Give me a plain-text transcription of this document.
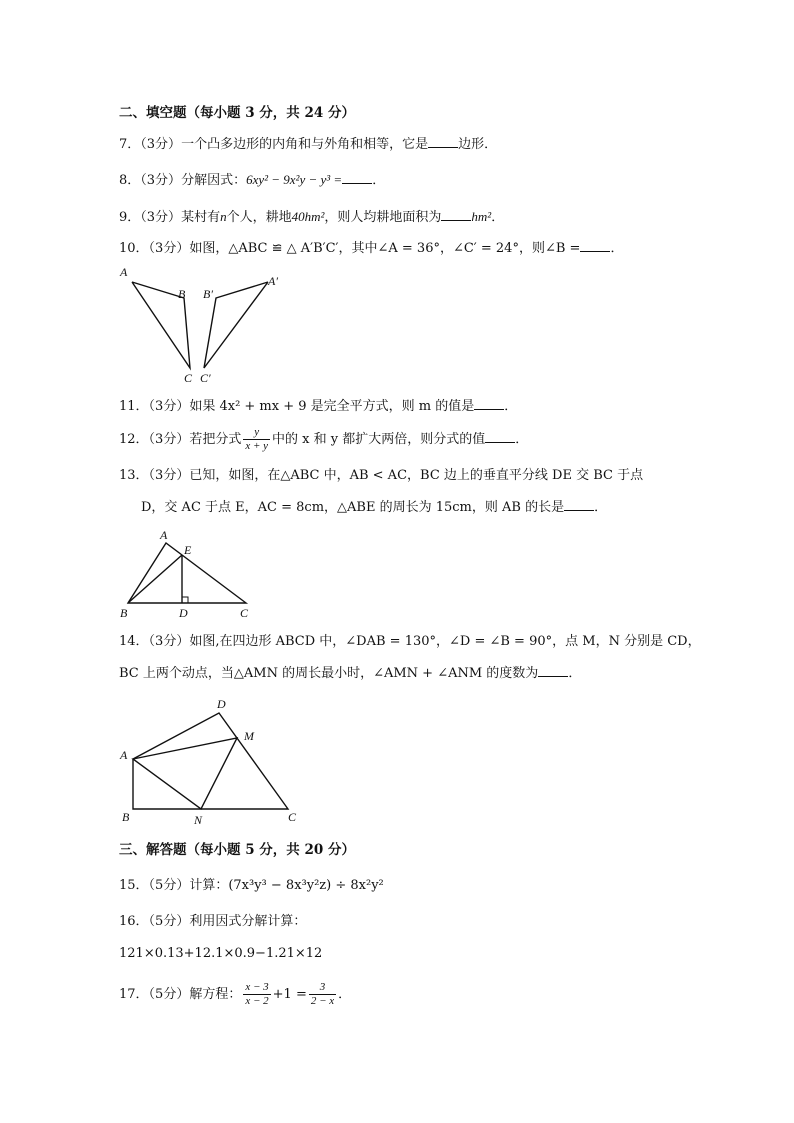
二、填空题（每小题 3 分，共 24 分）
7．（3分）一个凸多边形的内角和与外角和相等，它是 边形．
8．（3分）分解因式：6xy² − 9x²y − y³ = ．
9．（3分）某村有n个人，耕地40hm²，则人均耕地面积为 hm²．
10．（3分）如图，△ABC ≌ △ A′B′C′，其中∠A = 36°，∠C′ = 24°，则∠B = ．
A
B
C
A′
B′
C′
11．（3分）如果 4x² + mx + 9 是完全平方式，则 m 的值是 ．
12．（3分）若把分式 $\frac{y}{x + y}$ 中的 x 和 y 都扩大两倍，则分式的值 ．
13．（3分）已知，如图，在△ABC 中，AB < AC，BC 边上的垂直平分线 DE 交 BC 于点
D，交 AC 于点 E，AC = 8cm，△ABE 的周长为 15cm，则 AB 的长是 ．
A
E
B	D	C
14．（3分）如图,在四边形 ABCD 中，∠DAB = 130°，∠D = ∠B = 90°，点 M，N 分别是 CD，
BC 上两个动点，当△AMN 的周长最小时，∠AMN + ∠ANM 的度数为 ．
D
M
A
B	N	C
三、解答题（每小题 5 分，共 20 分）
15．（5分）计算：(7x³y³ − 8x³y²z) ÷ 8x²y²
16．（5分）利用因式分解计算：
121×0.13+12.1×0.9−1.21×12
17．（5分）解方程： $\frac{x - 3}{x - 2} +1 = \frac{3}{2 - x}$ ．
